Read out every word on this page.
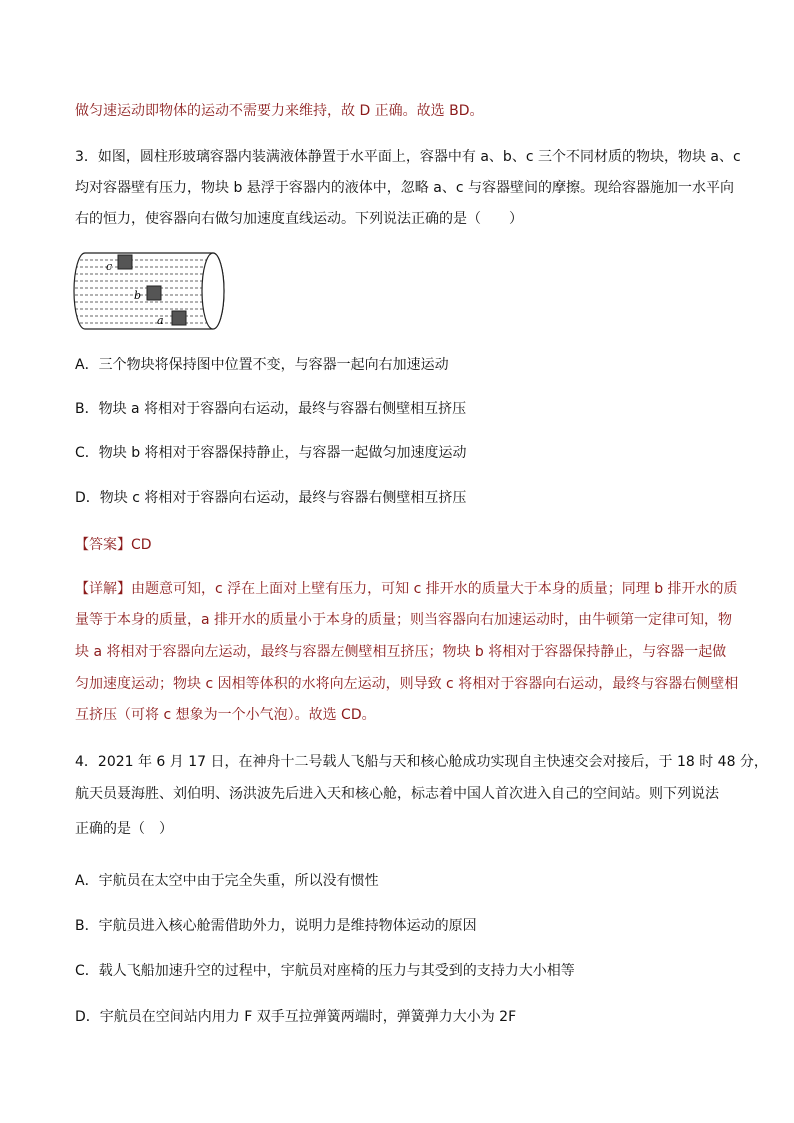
做匀速运动即物体的运动不需要力来维持，故 D 正确。故选 BD。
3．如图，圆柱形玻璃容器内装满液体静置于水平面上，容器中有 a、b、c 三个不同材质的物块，物块 a、c
均对容器壁有压力，物块 b 悬浮于容器内的液体中，忽略 a、c 与容器壁间的摩擦。现给容器施加一水平向
右的恒力，使容器向右做匀加速度直线运动。下列说法正确的是（　　）
c
b
a
A．三个物块将保持图中位置不变，与容器一起向右加速运动
B．物块 a 将相对于容器向右运动，最终与容器右侧壁相互挤压
C．物块 b 将相对于容器保持静止，与容器一起做匀加速度运动
D．物块 c 将相对于容器向右运动，最终与容器右侧壁相互挤压
【答案】CD
【详解】由题意可知，c 浮在上面对上壁有压力，可知 c 排开水的质量大于本身的质量；同理 b 排开水的质
量等于本身的质量，a 排开水的质量小于本身的质量；则当容器向右加速运动时，由牛顿第一定律可知，物
块 a 将相对于容器向左运动，最终与容器左侧壁相互挤压；物块 b 将相对于容器保持静止，与容器一起做
匀加速度运动；物块 c 因相等体积的水将向左运动，则导致 c 将相对于容器向右运动，最终与容器右侧壁相
互挤压（可将 c 想象为一个小气泡）。故选 CD。
4．2021 年 6 月 17 日，在神舟十二号载人飞船与天和核心舱成功实现自主快速交会对接后，于 18 时 48 分，
航天员聂海胜、刘伯明、汤洪波先后进入天和核心舱，标志着中国人首次进入自己的空间站。则下列说法
正确的是（　）
A．宇航员在太空中由于完全失重，所以没有惯性
B．宇航员进入核心舱需借助外力，说明力是维持物体运动的原因
C．载人飞船加速升空的过程中，宇航员对座椅的压力与其受到的支持力大小相等
D．宇航员在空间站内用力 F 双手互拉弹簧两端时，弹簧弹力大小为 2F
